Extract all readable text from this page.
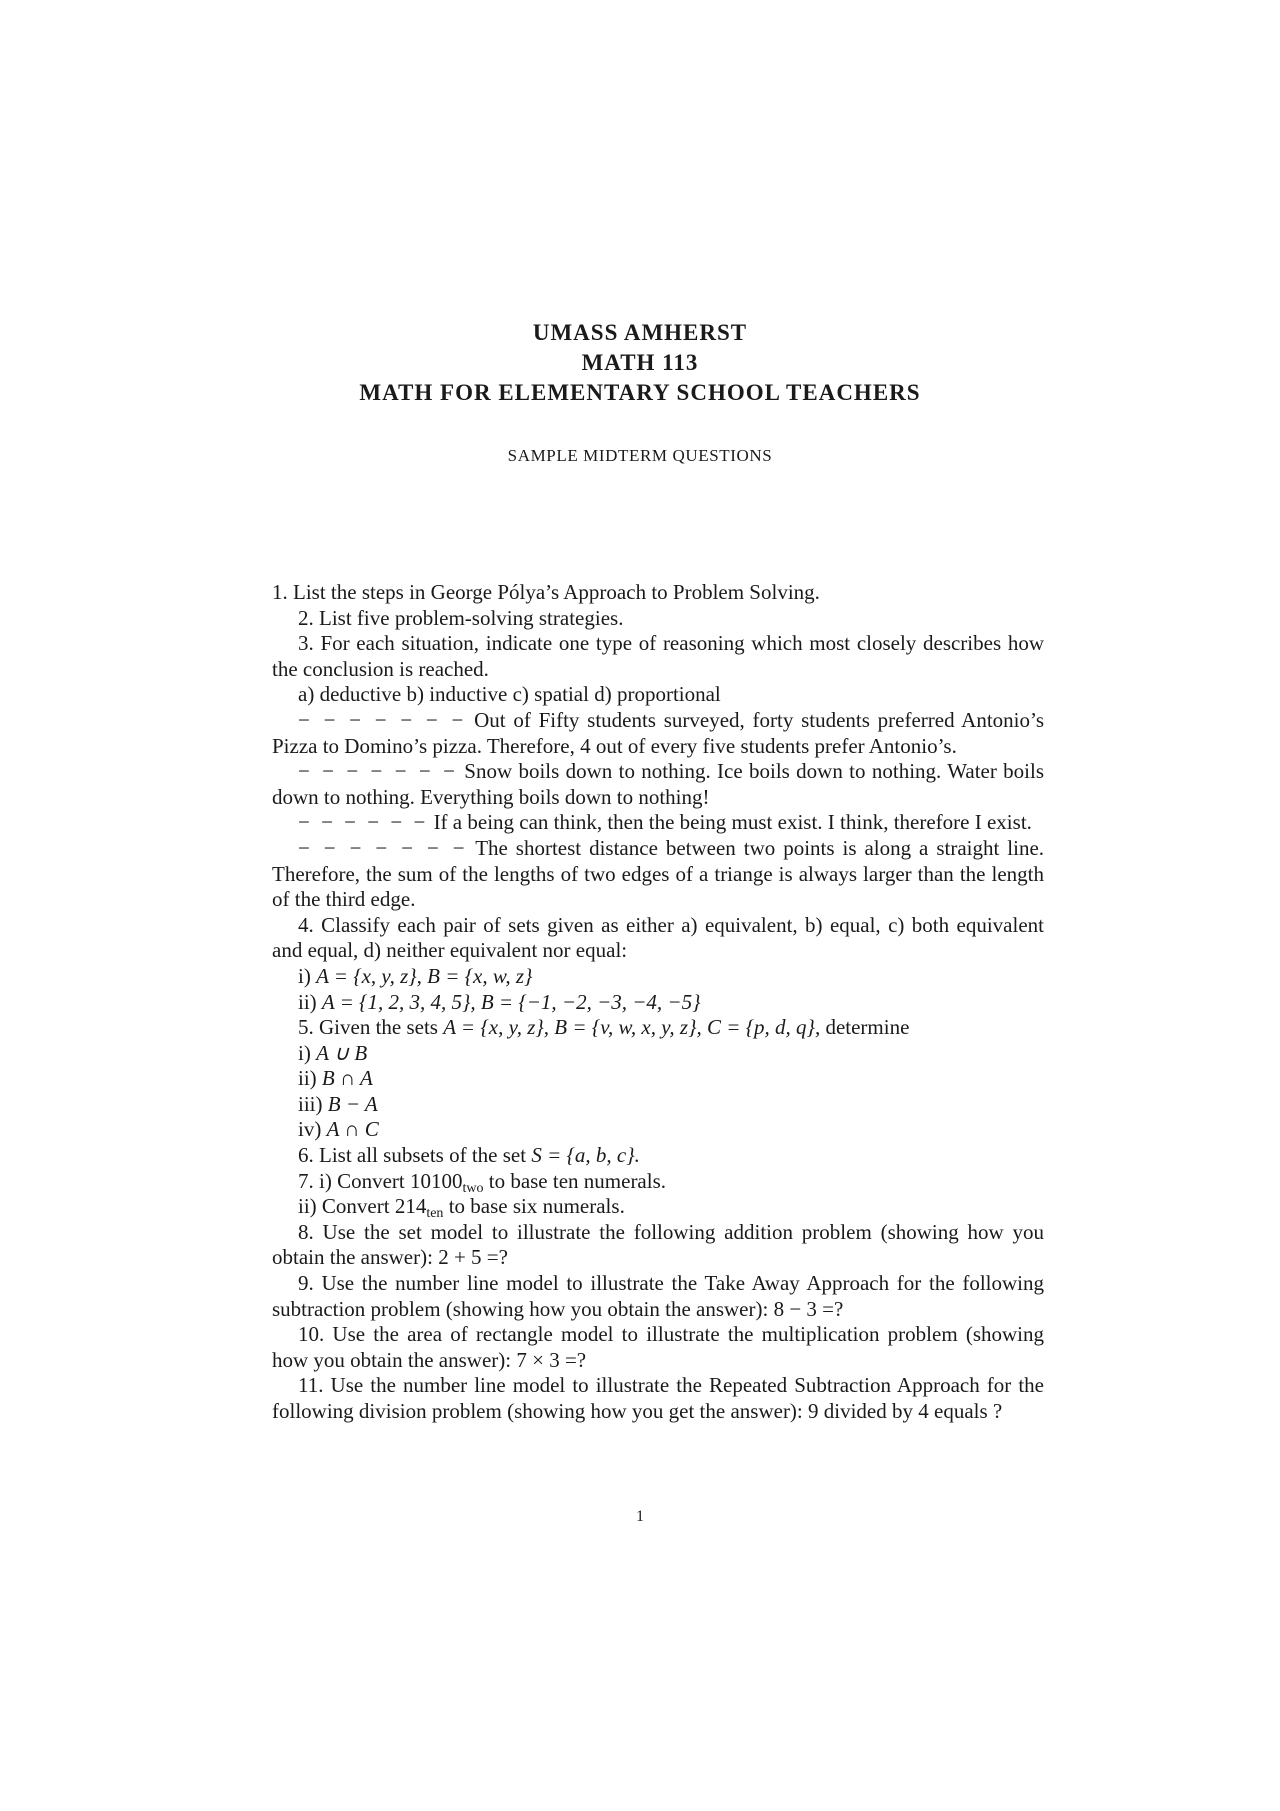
UMASS AMHERST
MATH 113
MATH FOR ELEMENTARY SCHOOL TEACHERS
SAMPLE MIDTERM QUESTIONS

1. List the steps in George Pólya’s Approach to Problem Solving.

2. List five problem-solving strategies.

3. For each situation, indicate one type of reasoning which most closely describes how the conclusion is reached.

a) deductive b) inductive c) spatial d) proportional

− − − − − − − Out of Fifty students surveyed, forty students preferred Antonio’s Pizza to Domino’s pizza. Therefore, 4 out of every five students prefer Antonio’s.

− − − − − − − Snow boils down to nothing. Ice boils down to nothing. Water boils down to nothing. Everything boils down to nothing!

− − − − − − If a being can think, then the being must exist. I think, therefore I exist.

− − − − − − − The shortest distance between two points is along a straight line. Therefore, the sum of the lengths of two edges of a triange is always larger than the length of the third edge.

4. Classify each pair of sets given as either a) equivalent, b) equal, c) both equivalent and equal, d) neither equivalent nor equal:

i) A = {x, y, z}, B = {x, w, z}

ii) A = {1, 2, 3, 4, 5}, B = {−1, −2, −3, −4, −5}

5. Given the sets A = {x, y, z}, B = {v, w, x, y, z}, C = {p, d, q}, determine

i) A ∪ B

ii) B ∩ A

iii) B − A

iv) A ∩ C

6. List all subsets of the set S = {a, b, c}.

7. i) Convert $10100_{two}$ to base ten numerals.

ii) Convert $214_{ten}$ to base six numerals.

8. Use the set model to illustrate the following addition problem (showing how you obtain the answer): 2 + 5 =?

9. Use the number line model to illustrate the Take Away Approach for the following subtraction problem (showing how you obtain the answer): 8 − 3 =?

10. Use the area of rectangle model to illustrate the multiplication problem (showing how you obtain the answer): 7 × 3 =?

11. Use the number line model to illustrate the Repeated Subtraction Approach for the following division problem (showing how you get the answer): 9 divided by 4 equals ?

1
